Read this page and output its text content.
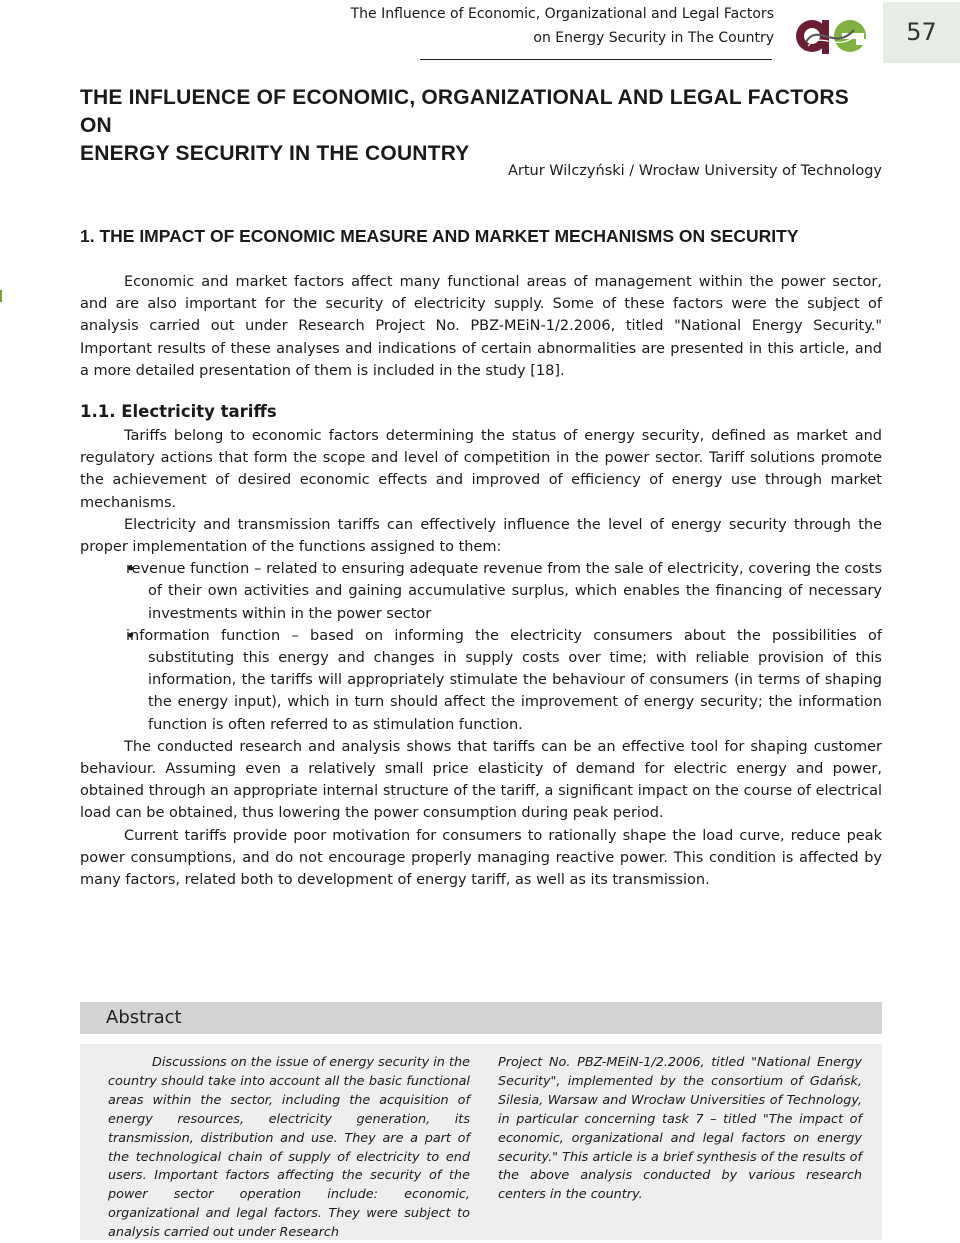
The Influence of Economic, Organizational and Legal Factors
on Energy Security in The Country	57
THE INFLUENCE OF ECONOMIC, ORGANIZATIONAL AND LEGAL FACTORS ON
ENERGY SECURITY IN THE COUNTRY
Artur Wilczyński / Wrocław University of Technology
1. THE IMPACT OF ECONOMIC MEASURE AND MARKET MECHANISMS ON SECURITY

Economic and market factors affect many functional areas of management within the power sector, and are also important for the security of electricity supply. Some of these factors were the subject of analysis carried out under Research Project No. PBZ-MEiN-1/2.2006, titled "National Energy Security." Important results of these analyses and indications of certain abnormalities are presented in this article, and a more detailed presentation of them is included in the study [18].

1.1. Electricity tariffs

Tariffs belong to economic factors determining the status of energy security, defined as market and regulatory actions that form the scope and level of competition in the power sector. Tariff solutions promote the achievement of desired economic effects and improved of efficiency of energy use through market mechanisms.

Electricity and transmission tariffs can effectively influence the level of energy security through the proper implementation of the functions assigned to them:

• revenue function – related to ensuring adequate revenue from the sale of electricity, covering the costs of their own activities and gaining accumulative surplus, which enables the financing of necessary investments within in the power sector
• information function – based on informing the electricity consumers about the possibilities of substituting this energy and changes in supply costs over time; with reliable provision of this information, the tariffs will appropriately stimulate the behaviour of consumers (in terms of shaping the energy input), which in turn should affect the improvement of energy security; the information function is often referred to as stimulation function.

The conducted research and analysis shows that tariffs can be an effective tool for shaping customer behaviour. Assuming even a relatively small price elasticity of demand for electric energy and power, obtained through an appropriate internal structure of the tariff, a significant impact on the course of electrical load can be obtained, thus lowering the power consumption during peak period.

Current tariffs provide poor motivation for consumers to rationally shape the load curve, reduce peak power consumptions, and do not encourage properly managing reactive power. This condition is affected by many factors, related both to development of energy tariff, as well as its transmission.

Abstract
Discussions on the issue of energy security in the country should take into account all the basic functional areas within the sector, including the acquisition of energy resources, electricity generation, its transmission, distribution and use. They are a part of the technological chain of supply of electricity to end users. Important factors affecting the security of the power sector operation include: economic, organizational and legal factors. They were subject to analysis carried out under Research
Project No. PBZ-MEiN-1/2.2006, titled "National Energy Security", implemented by the consortium of Gdańsk, Silesia, Warsaw and Wrocław Universities of Technology, in particular concerning task 7 – titled "The impact of economic, organizational and legal factors on energy security." This article is a brief synthesis of the results of the above analysis conducted by various research centers in the country.
